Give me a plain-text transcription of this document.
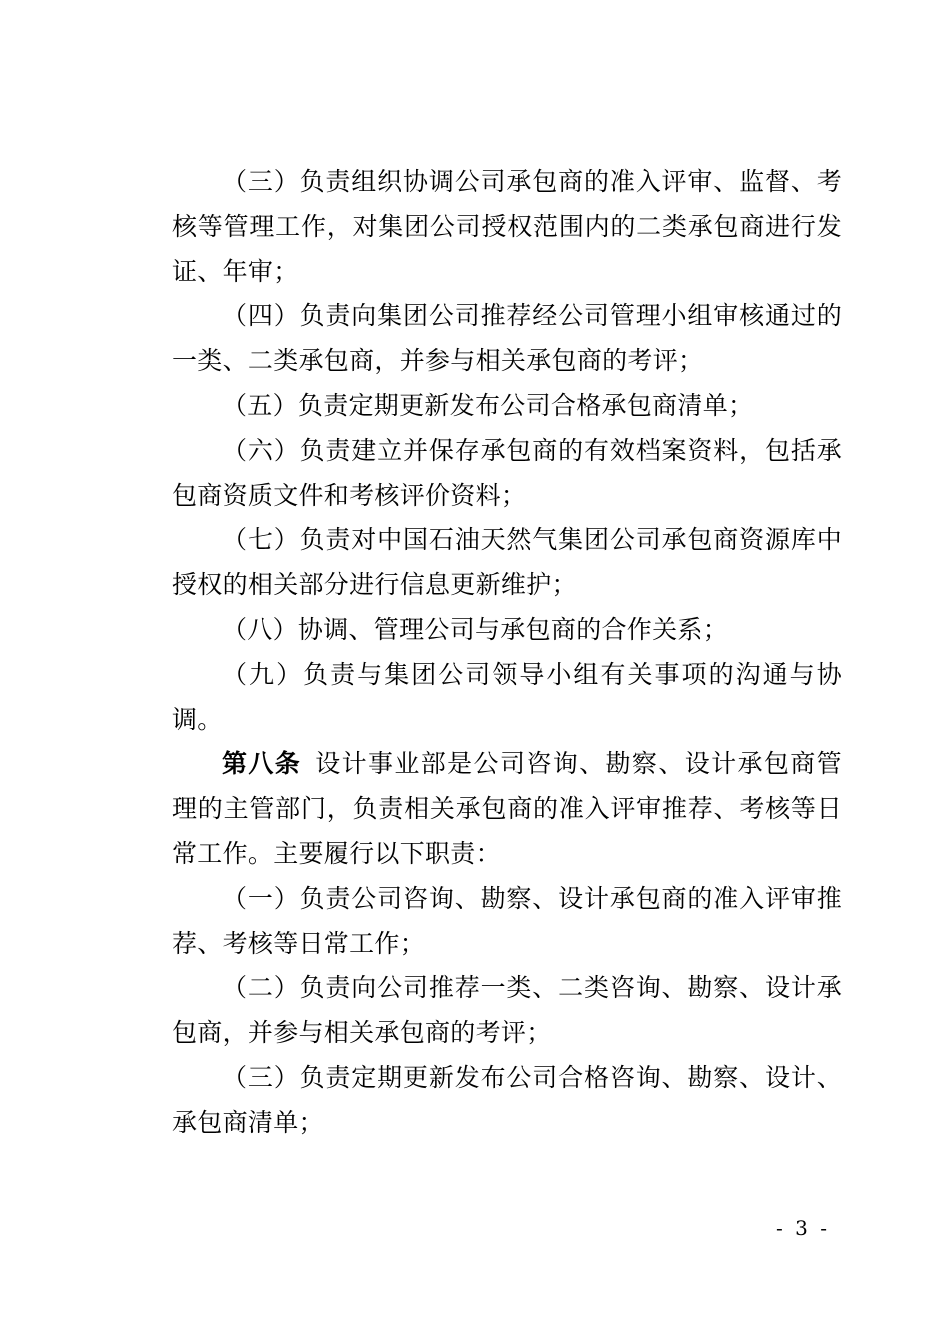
（三）负责组织协调公司承包商的准入评审、监督、考核等管理工作，对集团公司授权范围内的二类承包商进行发证、年审；

（四）负责向集团公司推荐经公司管理小组审核通过的一类、二类承包商，并参与相关承包商的考评；

（五）负责定期更新发布公司合格承包商清单；

（六）负责建立并保存承包商的有效档案资料，包括承包商资质文件和考核评价资料；

（七）负责对中国石油天然气集团公司承包商资源库中授权的相关部分进行信息更新维护；

（八）协调、管理公司与承包商的合作关系；

（九）负责与集团公司领导小组有关事项的沟通与协调。

第八条 设计事业部是公司咨询、勘察、设计承包商管理的主管部门，负责相关承包商的准入评审推荐、考核等日常工作。主要履行以下职责：

（一）负责公司咨询、勘察、设计承包商的准入评审推荐、考核等日常工作；

（二）负责向公司推荐一类、二类咨询、勘察、设计承包商，并参与相关承包商的考评；

（三）负责定期更新发布公司合格咨询、勘察、设计、承包商清单；

- 3 -
